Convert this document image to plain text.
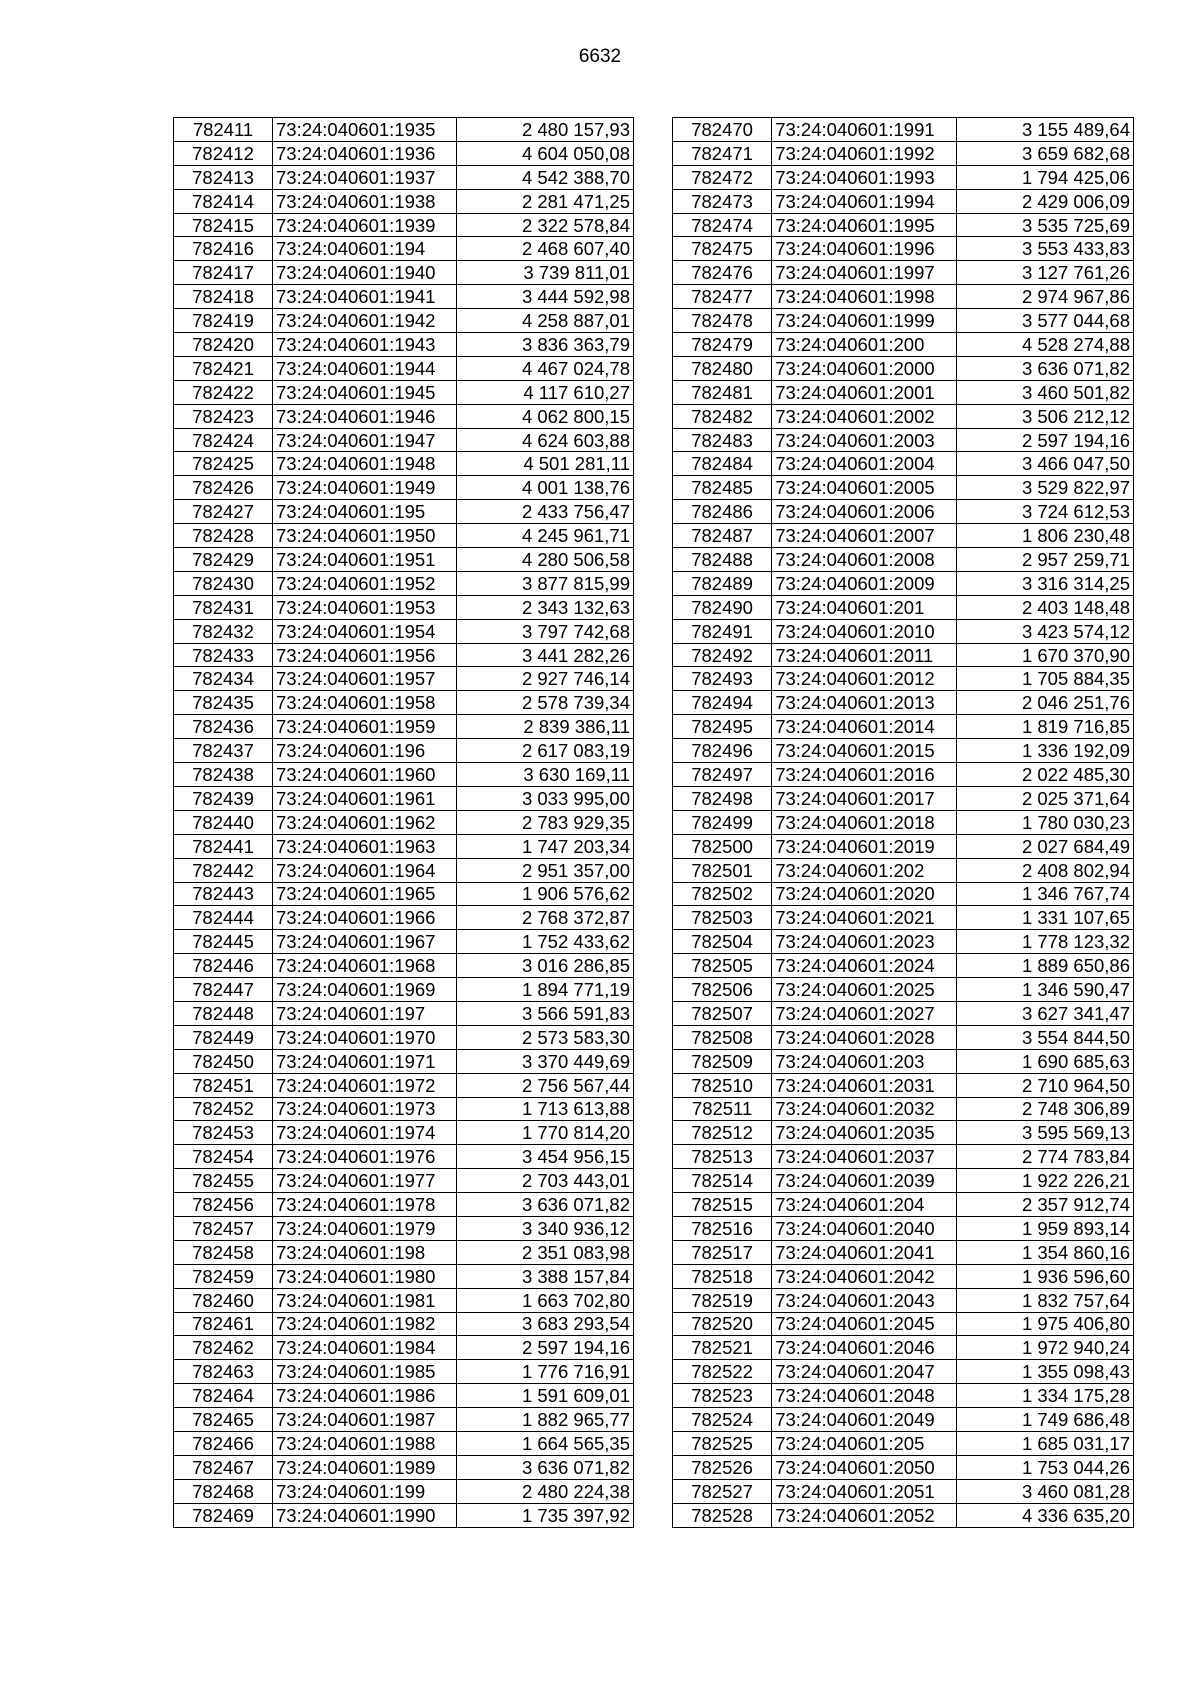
6632
782411	73:24:040601:1935	2 480 157,93
782412	73:24:040601:1936	4 604 050,08
782413	73:24:040601:1937	4 542 388,70
782414	73:24:040601:1938	2 281 471,25
782415	73:24:040601:1939	2 322 578,84
782416	73:24:040601:194	2 468 607,40
782417	73:24:040601:1940	3 739 811,01
782418	73:24:040601:1941	3 444 592,98
782419	73:24:040601:1942	4 258 887,01
782420	73:24:040601:1943	3 836 363,79
782421	73:24:040601:1944	4 467 024,78
782422	73:24:040601:1945	4 117 610,27
782423	73:24:040601:1946	4 062 800,15
782424	73:24:040601:1947	4 624 603,88
782425	73:24:040601:1948	4 501 281,11
782426	73:24:040601:1949	4 001 138,76
782427	73:24:040601:195	2 433 756,47
782428	73:24:040601:1950	4 245 961,71
782429	73:24:040601:1951	4 280 506,58
782430	73:24:040601:1952	3 877 815,99
782431	73:24:040601:1953	2 343 132,63
782432	73:24:040601:1954	3 797 742,68
782433	73:24:040601:1956	3 441 282,26
782434	73:24:040601:1957	2 927 746,14
782435	73:24:040601:1958	2 578 739,34
782436	73:24:040601:1959	2 839 386,11
782437	73:24:040601:196	2 617 083,19
782438	73:24:040601:1960	3 630 169,11
782439	73:24:040601:1961	3 033 995,00
782440	73:24:040601:1962	2 783 929,35
782441	73:24:040601:1963	1 747 203,34
782442	73:24:040601:1964	2 951 357,00
782443	73:24:040601:1965	1 906 576,62
782444	73:24:040601:1966	2 768 372,87
782445	73:24:040601:1967	1 752 433,62
782446	73:24:040601:1968	3 016 286,85
782447	73:24:040601:1969	1 894 771,19
782448	73:24:040601:197	3 566 591,83
782449	73:24:040601:1970	2 573 583,30
782450	73:24:040601:1971	3 370 449,69
782451	73:24:040601:1972	2 756 567,44
782452	73:24:040601:1973	1 713 613,88
782453	73:24:040601:1974	1 770 814,20
782454	73:24:040601:1976	3 454 956,15
782455	73:24:040601:1977	2 703 443,01
782456	73:24:040601:1978	3 636 071,82
782457	73:24:040601:1979	3 340 936,12
782458	73:24:040601:198	2 351 083,98
782459	73:24:040601:1980	3 388 157,84
782460	73:24:040601:1981	1 663 702,80
782461	73:24:040601:1982	3 683 293,54
782462	73:24:040601:1984	2 597 194,16
782463	73:24:040601:1985	1 776 716,91
782464	73:24:040601:1986	1 591 609,01
782465	73:24:040601:1987	1 882 965,77
782466	73:24:040601:1988	1 664 565,35
782467	73:24:040601:1989	3 636 071,82
782468	73:24:040601:199	2 480 224,38
782469	73:24:040601:1990	1 735 397,92
782470	73:24:040601:1991	3 155 489,64
782471	73:24:040601:1992	3 659 682,68
782472	73:24:040601:1993	1 794 425,06
782473	73:24:040601:1994	2 429 006,09
782474	73:24:040601:1995	3 535 725,69
782475	73:24:040601:1996	3 553 433,83
782476	73:24:040601:1997	3 127 761,26
782477	73:24:040601:1998	2 974 967,86
782478	73:24:040601:1999	3 577 044,68
782479	73:24:040601:200	4 528 274,88
782480	73:24:040601:2000	3 636 071,82
782481	73:24:040601:2001	3 460 501,82
782482	73:24:040601:2002	3 506 212,12
782483	73:24:040601:2003	2 597 194,16
782484	73:24:040601:2004	3 466 047,50
782485	73:24:040601:2005	3 529 822,97
782486	73:24:040601:2006	3 724 612,53
782487	73:24:040601:2007	1 806 230,48
782488	73:24:040601:2008	2 957 259,71
782489	73:24:040601:2009	3 316 314,25
782490	73:24:040601:201	2 403 148,48
782491	73:24:040601:2010	3 423 574,12
782492	73:24:040601:2011	1 670 370,90
782493	73:24:040601:2012	1 705 884,35
782494	73:24:040601:2013	2 046 251,76
782495	73:24:040601:2014	1 819 716,85
782496	73:24:040601:2015	1 336 192,09
782497	73:24:040601:2016	2 022 485,30
782498	73:24:040601:2017	2 025 371,64
782499	73:24:040601:2018	1 780 030,23
782500	73:24:040601:2019	2 027 684,49
782501	73:24:040601:202	2 408 802,94
782502	73:24:040601:2020	1 346 767,74
782503	73:24:040601:2021	1 331 107,65
782504	73:24:040601:2023	1 778 123,32
782505	73:24:040601:2024	1 889 650,86
782506	73:24:040601:2025	1 346 590,47
782507	73:24:040601:2027	3 627 341,47
782508	73:24:040601:2028	3 554 844,50
782509	73:24:040601:203	1 690 685,63
782510	73:24:040601:2031	2 710 964,50
782511	73:24:040601:2032	2 748 306,89
782512	73:24:040601:2035	3 595 569,13
782513	73:24:040601:2037	2 774 783,84
782514	73:24:040601:2039	1 922 226,21
782515	73:24:040601:204	2 357 912,74
782516	73:24:040601:2040	1 959 893,14
782517	73:24:040601:2041	1 354 860,16
782518	73:24:040601:2042	1 936 596,60
782519	73:24:040601:2043	1 832 757,64
782520	73:24:040601:2045	1 975 406,80
782521	73:24:040601:2046	1 972 940,24
782522	73:24:040601:2047	1 355 098,43
782523	73:24:040601:2048	1 334 175,28
782524	73:24:040601:2049	1 749 686,48
782525	73:24:040601:205	1 685 031,17
782526	73:24:040601:2050	1 753 044,26
782527	73:24:040601:2051	3 460 081,28
782528	73:24:040601:2052	4 336 635,20
